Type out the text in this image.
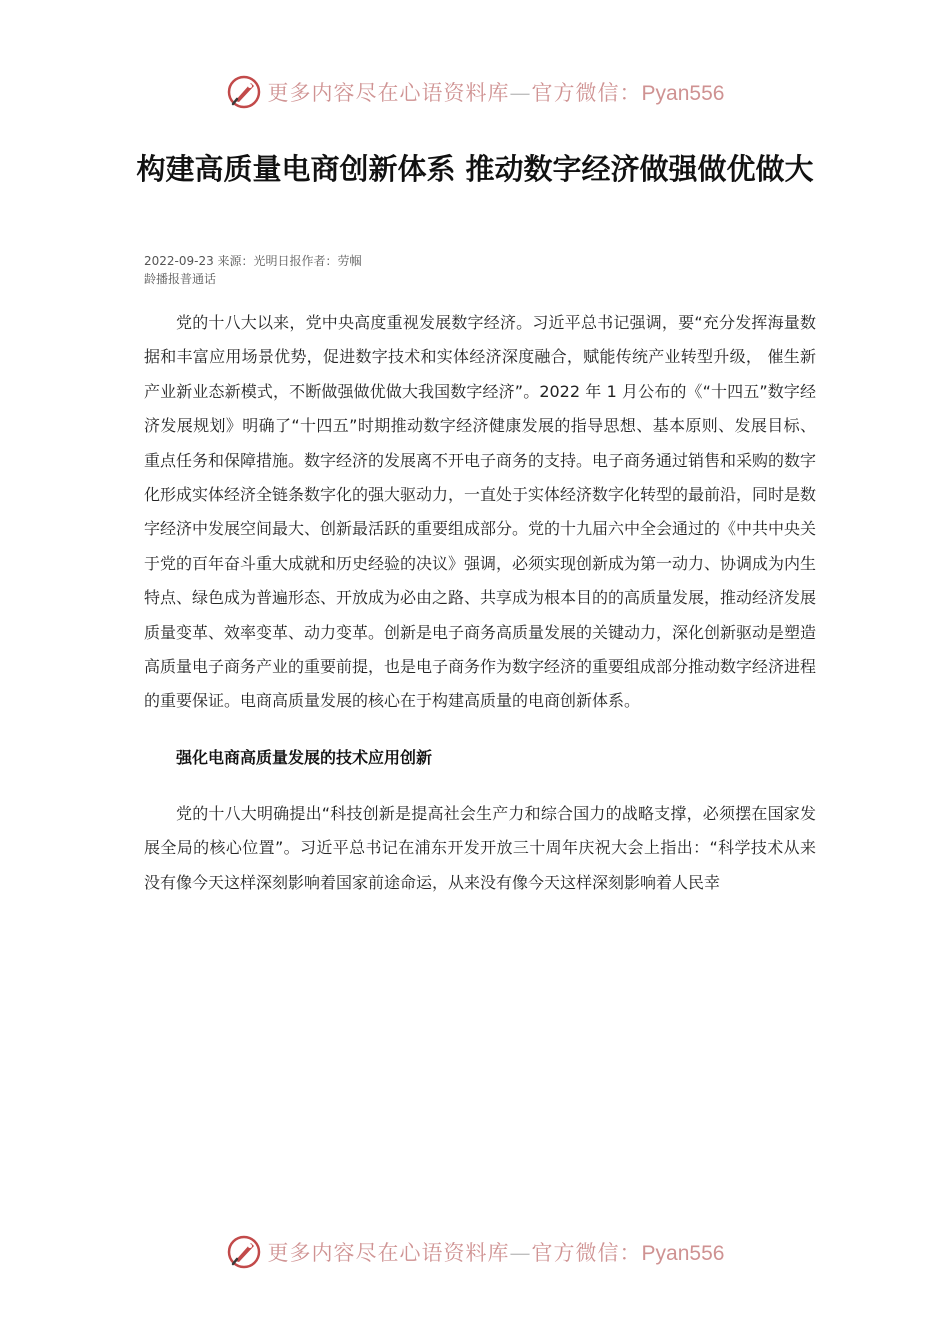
更多内容尽在心语资料库—官方微信：Pyan556
构建高质量电商创新体系 推动数字经济做强做优做大
2022-09-23 来源：光明日报作者：劳帼
龄播报普通话

党的十八大以来，党中央高度重视发展数字经济。习近平总书记强调，要“充分发挥海量数据和丰富应用场景优势，促进数字技术和实体经济深度融合，赋能传统产业转型升级， 催生新产业新业态新模式，不断做强做优做大我国数字经济”。2022 年 1 月公布的《“十四五”数字经济发展规划》明确了“十四五”时期推动数字经济健康发展的指导思想、基本原则、发展目标、重点任务和保障措施。数字经济的发展离不开电子商务的支持。电子商务通过销售和采购的数字化形成实体经济全链条数字化的强大驱动力，一直处于实体经济数字化转型的最前沿，同时是数字经济中发展空间最大、创新最活跃的重要组成部分。党的十九届六中全会通过的《中共中央关于党的百年奋斗重大成就和历史经验的决议》强调，必须实现创新成为第一动力、协调成为内生特点、绿色成为普遍形态、开放成为必由之路、共享成为根本目的的高质量发展，推动经济发展质量变革、效率变革、动力变革。创新是电子商务高质量发展的关键动力，深化创新驱动是塑造高质量电子商务产业的重要前提，也是电子商务作为数字经济的重要组成部分推动数字经济进程的重要保证。电商高质量发展的核心在于构建高质量的电商创新体系。

强化电商高质量发展的技术应用创新

党的十八大明确提出“科技创新是提高社会生产力和综合国力的战略支撑，必须摆在国家发展全局的核心位置”。习近平总书记在浦东开发开放三十周年庆祝大会上指出：“科学技术从来没有像今天这样深刻影响着国家前途命运，从来没有像今天这样深刻影响着人民幸

更多内容尽在心语资料库—官方微信：Pyan556
